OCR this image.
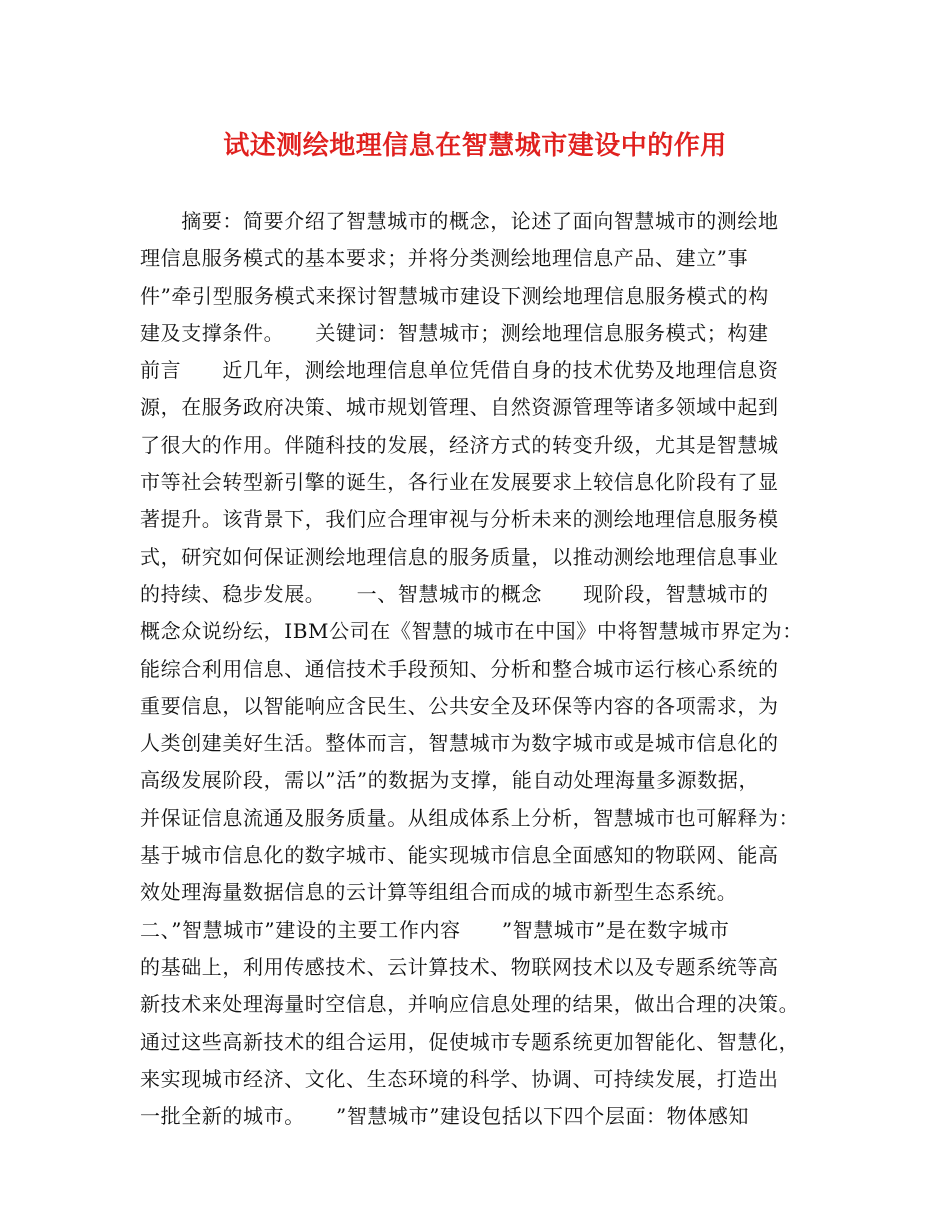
试述测绘地理信息在智慧城市建设中的作用
　　摘要：简要介绍了智慧城市的概念，论述了面向智慧城市的测绘地
理信息服务模式的基本要求；并将分类测绘地理信息产品、建立”事
件”牵引型服务模式来探讨智慧城市建设下测绘地理信息服务模式的构
建及支撑条件。　　关键词：智慧城市；测绘地理信息服务模式；构建
前言　　近几年，测绘地理信息单位凭借自身的技术优势及地理信息资
源，在服务政府决策、城市规划管理、自然资源管理等诸多领域中起到
了很大的作用。伴随科技的发展，经济方式的转变升级，尤其是智慧城
市等社会转型新引擎的诞生，各行业在发展要求上较信息化阶段有了显
著提升。该背景下，我们应合理审视与分析未来的测绘地理信息服务模
式，研究如何保证测绘地理信息的服务质量，以推动测绘地理信息事业
的持续、稳步发展。　　一、智慧城市的概念　　现阶段，智慧城市的
概念众说纷纭，IBM公司在《智慧的城市在中国》中将智慧城市界定为：
能综合利用信息、通信技术手段预知、分析和整合城市运行核心系统的
重要信息，以智能响应含民生、公共安全及环保等内容的各项需求，为
人类创建美好生活。整体而言，智慧城市为数字城市或是城市信息化的
高级发展阶段，需以”活”的数据为支撑，能自动处理海量多源数据，
并保证信息流通及服务质量。从组成体系上分析，智慧城市也可解释为：
基于城市信息化的数字城市、能实现城市信息全面感知的物联网、能高
效处理海量数据信息的云计算等组组合而成的城市新型生态系统。
二、”智慧城市”建设的主要工作内容　　”智慧城市”是在数字城市
的基础上，利用传感技术、云计算技术、物联网技术以及专题系统等高
新技术来处理海量时空信息，并响应信息处理的结果，做出合理的决策。
通过这些高新技术的组合运用，促使城市专题系统更加智能化、智慧化，
来实现城市经济、文化、生态环境的科学、协调、可持续发展，打造出
一批全新的城市。　　”智慧城市”建设包括以下四个层面：物体感知
